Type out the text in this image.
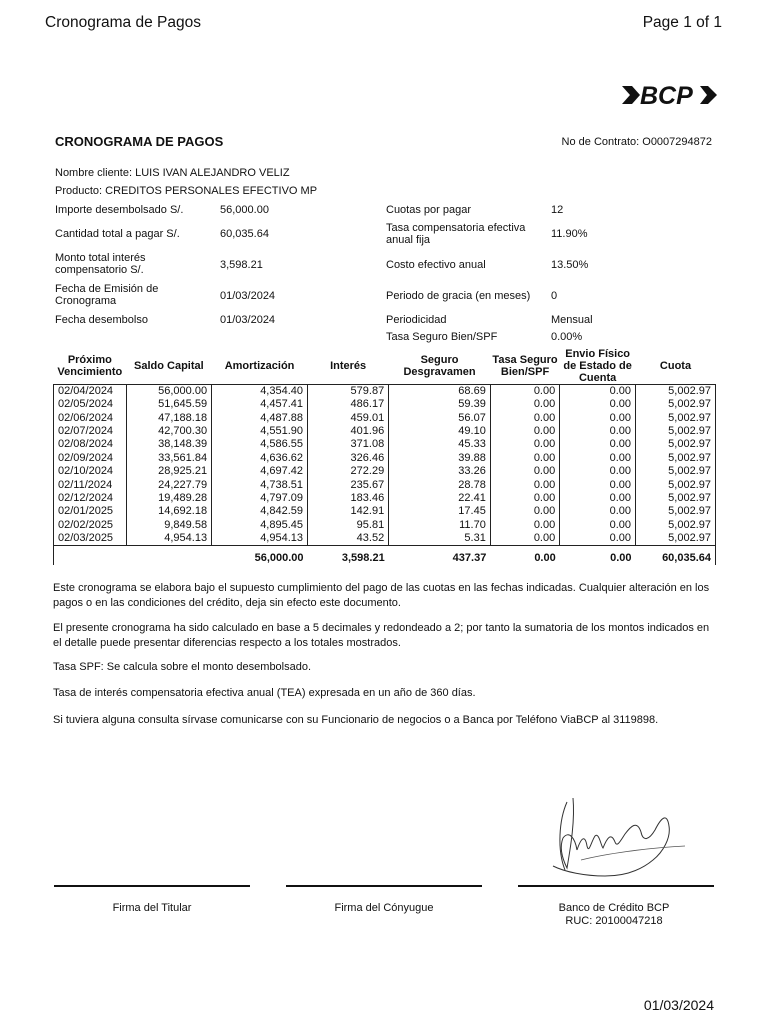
Cronograma de Pagos	Page 1 of 1
BCP
CRONOGRAMA DE PAGOS	No de Contrato: O0007294872
Nombre cliente: LUIS IVAN ALEJANDRO VELIZ
Producto: CREDITOS PERSONALES EFECTIVO MP
Importe desembolsado S/.	56,000.00
Cantidad total a pagar S/.	60,035.64
Monto total interés compensatorio S/.	3,598.21
Fecha de Emisión de Cronograma	01/03/2024
Fecha desembolso	01/03/2024
Cuotas por pagar	12
Tasa compensatoria efectiva anual fija	11.90%
Costo efectivo anual	13.50%
Periodo de gracia (en meses)	0
Periodicidad	Mensual
Tasa Seguro Bien/SPF	0.00%
Próximo Vencimiento	Saldo Capital	Amortización	Interés	Seguro Desgravamen	Tasa Seguro Bien/SPF	Envio Físico de Estado de Cuenta	Cuota
02/04/2024	56,000.00	4,354.40	579.87	68.69	0.00	0.00	5,002.97
02/05/2024	51,645.59	4,457.41	486.17	59.39	0.00	0.00	5,002.97
02/06/2024	47,188.18	4,487.88	459.01	56.07	0.00	0.00	5,002.97
02/07/2024	42,700.30	4,551.90	401.96	49.10	0.00	0.00	5,002.97
02/08/2024	38,148.39	4,586.55	371.08	45.33	0.00	0.00	5,002.97
02/09/2024	33,561.84	4,636.62	326.46	39.88	0.00	0.00	5,002.97
02/10/2024	28,925.21	4,697.42	272.29	33.26	0.00	0.00	5,002.97
02/11/2024	24,227.79	4,738.51	235.67	28.78	0.00	0.00	5,002.97
02/12/2024	19,489.28	4,797.09	183.46	22.41	0.00	0.00	5,002.97
02/01/2025	14,692.18	4,842.59	142.91	17.45	0.00	0.00	5,002.97
02/02/2025	9,849.58	4,895.45	95.81	11.70	0.00	0.00	5,002.97
02/03/2025	4,954.13	4,954.13	43.52	5.31	0.00	0.00	5,002.97
		56,000.00	3,598.21	437.37	0.00	0.00	60,035.64
Este cronograma se elabora bajo el supuesto cumplimiento del pago de las cuotas en las fechas indicadas. Cualquier alteración en los pagos o en las condiciones del crédito, deja sin efecto este documento.
El presente cronograma ha sido calculado en base a 5 decimales y redondeado a 2; por tanto la sumatoria de los montos indicados en el detalle puede presentar diferencias respecto a los totales mostrados.
Tasa SPF: Se calcula sobre el monto desembolsado.
Tasa de interés compensatoria efectiva anual (TEA) expresada en un año de 360 días.
Si tuviera alguna consulta sírvase comunicarse con su Funcionario de negocios o a Banca por Teléfono ViaBCP al 3119898.
Firma del Titular	Firma del Cónyugue	Banco de Crédito BCP
RUC: 20100047218
01/03/2024
